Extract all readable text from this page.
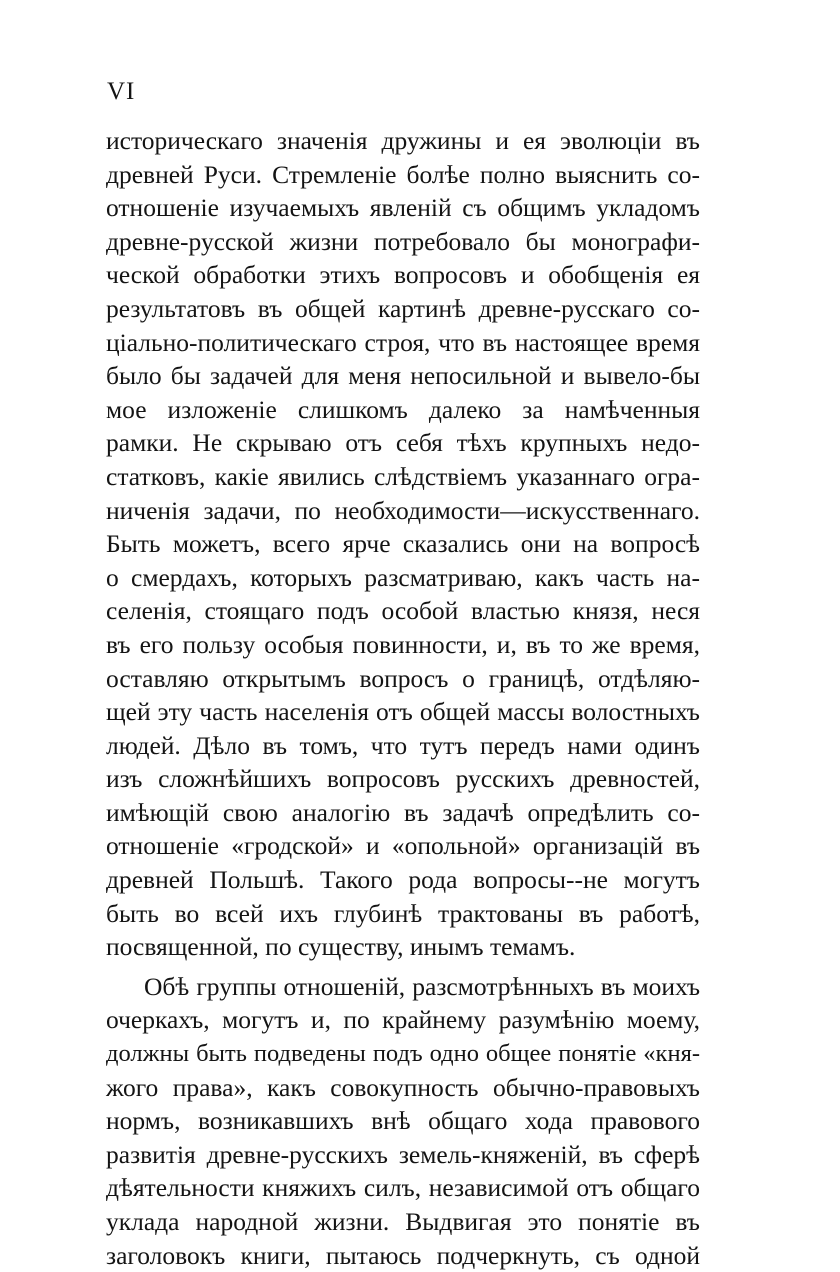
VI
историческаго значенія дружины и ея эволюціи въ
древней Руси. Стремленіе болѣе полно выяснить со-
отношеніе изучаемыхъ явленій съ общимъ укладомъ
древне-русской жизни потребовало бы монографи-
ческой обработки этихъ вопросовъ и обобщенія ея
результатовъ въ общей картинѣ древне-русскаго со-
ціально-политическаго строя, что въ настоящее время
было бы задачей для меня непосильной и вывело-бы
мое изложеніе слишкомъ далеко за намѣченныя
рамки. Не скрываю отъ себя тѣхъ крупныхъ недо-
статковъ, какіе явились слѣдствіемъ указаннаго огра-
ниченія задачи, по необходимости—искусственнаго.
Быть можетъ, всего ярче сказались они на вопросѣ
о смердахъ, которыхъ разсматриваю, какъ часть на-
селенія, стоящаго подъ особой властью князя, неся
въ его пользу особыя повинности, и, въ то же время,
оставляю открытымъ вопросъ о границѣ, отдѣляю-
щей эту часть населенія отъ общей массы волостныхъ
людей. Дѣло въ томъ, что тутъ передъ нами одинъ
изъ сложнѣйшихъ вопросовъ русскихъ древностей,
имѣющій свою аналогію въ задачѣ опредѣлить со-
отношеніе «гродской» и «опольной» организацій въ
древней Польшѣ. Такого рода вопросы--не могутъ
быть во всей ихъ глубинѣ трактованы въ работѣ,
посвященной, по существу, инымъ темамъ.
Обѣ группы отношеній, разсмотрѣнныхъ въ моихъ
очеркахъ, могутъ и, по крайнему разумѣнію моему,
должны быть подведены подъ одно общее понятіе «кня-
жого права», какъ совокупность обычно-правовыхъ
нормъ, возникавшихъ внѣ общаго хода правового
развитія древне-русскихъ земель-княженій, въ сферѣ
дѣятельности княжихъ силъ, независимой отъ общаго
уклада народной жизни. Выдвигая это понятіе въ
заголовокъ книги, пытаюсь подчеркнуть, съ одной
